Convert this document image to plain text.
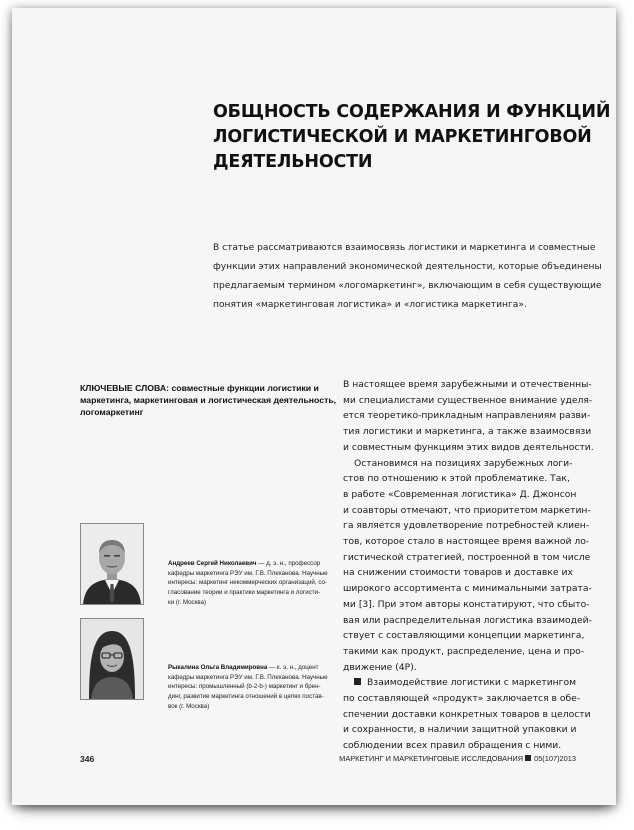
ОБЩНОСТЬ СОДЕРЖАНИЯ И ФУНКЦИЙ
ЛОГИСТИЧЕСКОЙ И МАРКЕТИНГОВОЙ
ДЕЯТЕЛЬНОСТИ
В статье рассматриваются взаимосвязь логистики и маркетинга и совместные
функции этих направлений экономической деятельности, которые объединены
предлагаемым термином «логомаркетинг», включающим в себя существующие
понятия «маркетинговая логистика» и «логистика маркетинга».
КЛЮЧЕВЫЕ СЛОВА: совместные функции логистики и
маркетинга, маркетинговая и логистическая деятельность,
логомаркетинг
Андреев Сергей Николаевич — д. э. н., профессор
кафедры маркетинга РЭУ им. Г.В. Плеханова. Научные
интересы: маркетинг некоммерческих организаций, со-
гласование теории и практики маркетинга и логисти-
ки (г. Москва)
Рыкалина Ольга Владимировна — к. э. н., доцент
кафедры маркетинга РЭУ им. Г.В. Плеханова. Научные
интересы: промышленный (b-2-b-) маркетинг и брен-
динг, развитие маркетинга отношений в цепях постав-
вок (г. Москва)
В настоящее время зарубежными и отечественны-
ми специалистами существенное внимание уделя-
ется теоретико-прикладным направлениям разви-
тия логистики и маркетинга, а также взаимосвязи
и совместным функциям этих видов деятельности.
Остановимся на позициях зарубежных логи-
стов по отношению к этой проблематике. Так,
в работе «Современная логистика» Д. Джонсон
и соавторы отмечают, что приоритетом маркетин-
га является удовлетворение потребностей клиен-
тов, которое стало в настоящее время важной ло-
гистической стратегией, построенной в том числе
на снижении стоимости товаров и доставке их
широкого ассортимента с минимальными затрата-
ми [3]. При этом авторы констатируют, что сбыто-
вая или распределительная логистика взаимодей-
ствует с составляющими концепции маркетинга,
такими как продукт, распределение, цена и про-
движение (4P).
Взаимодействие логистики с маркетингом
по составляющей «продукт» заключается в обе-
спечении доставки конкретных товаров в целости
и сохранности, в наличии защитной упаковки и
соблюдении всех правил обращения с ними.
346	МАРКЕТИНГ И МАРКЕТИНГОВЫЕ ИССЛЕДОВАНИЯ 05(107)2013
